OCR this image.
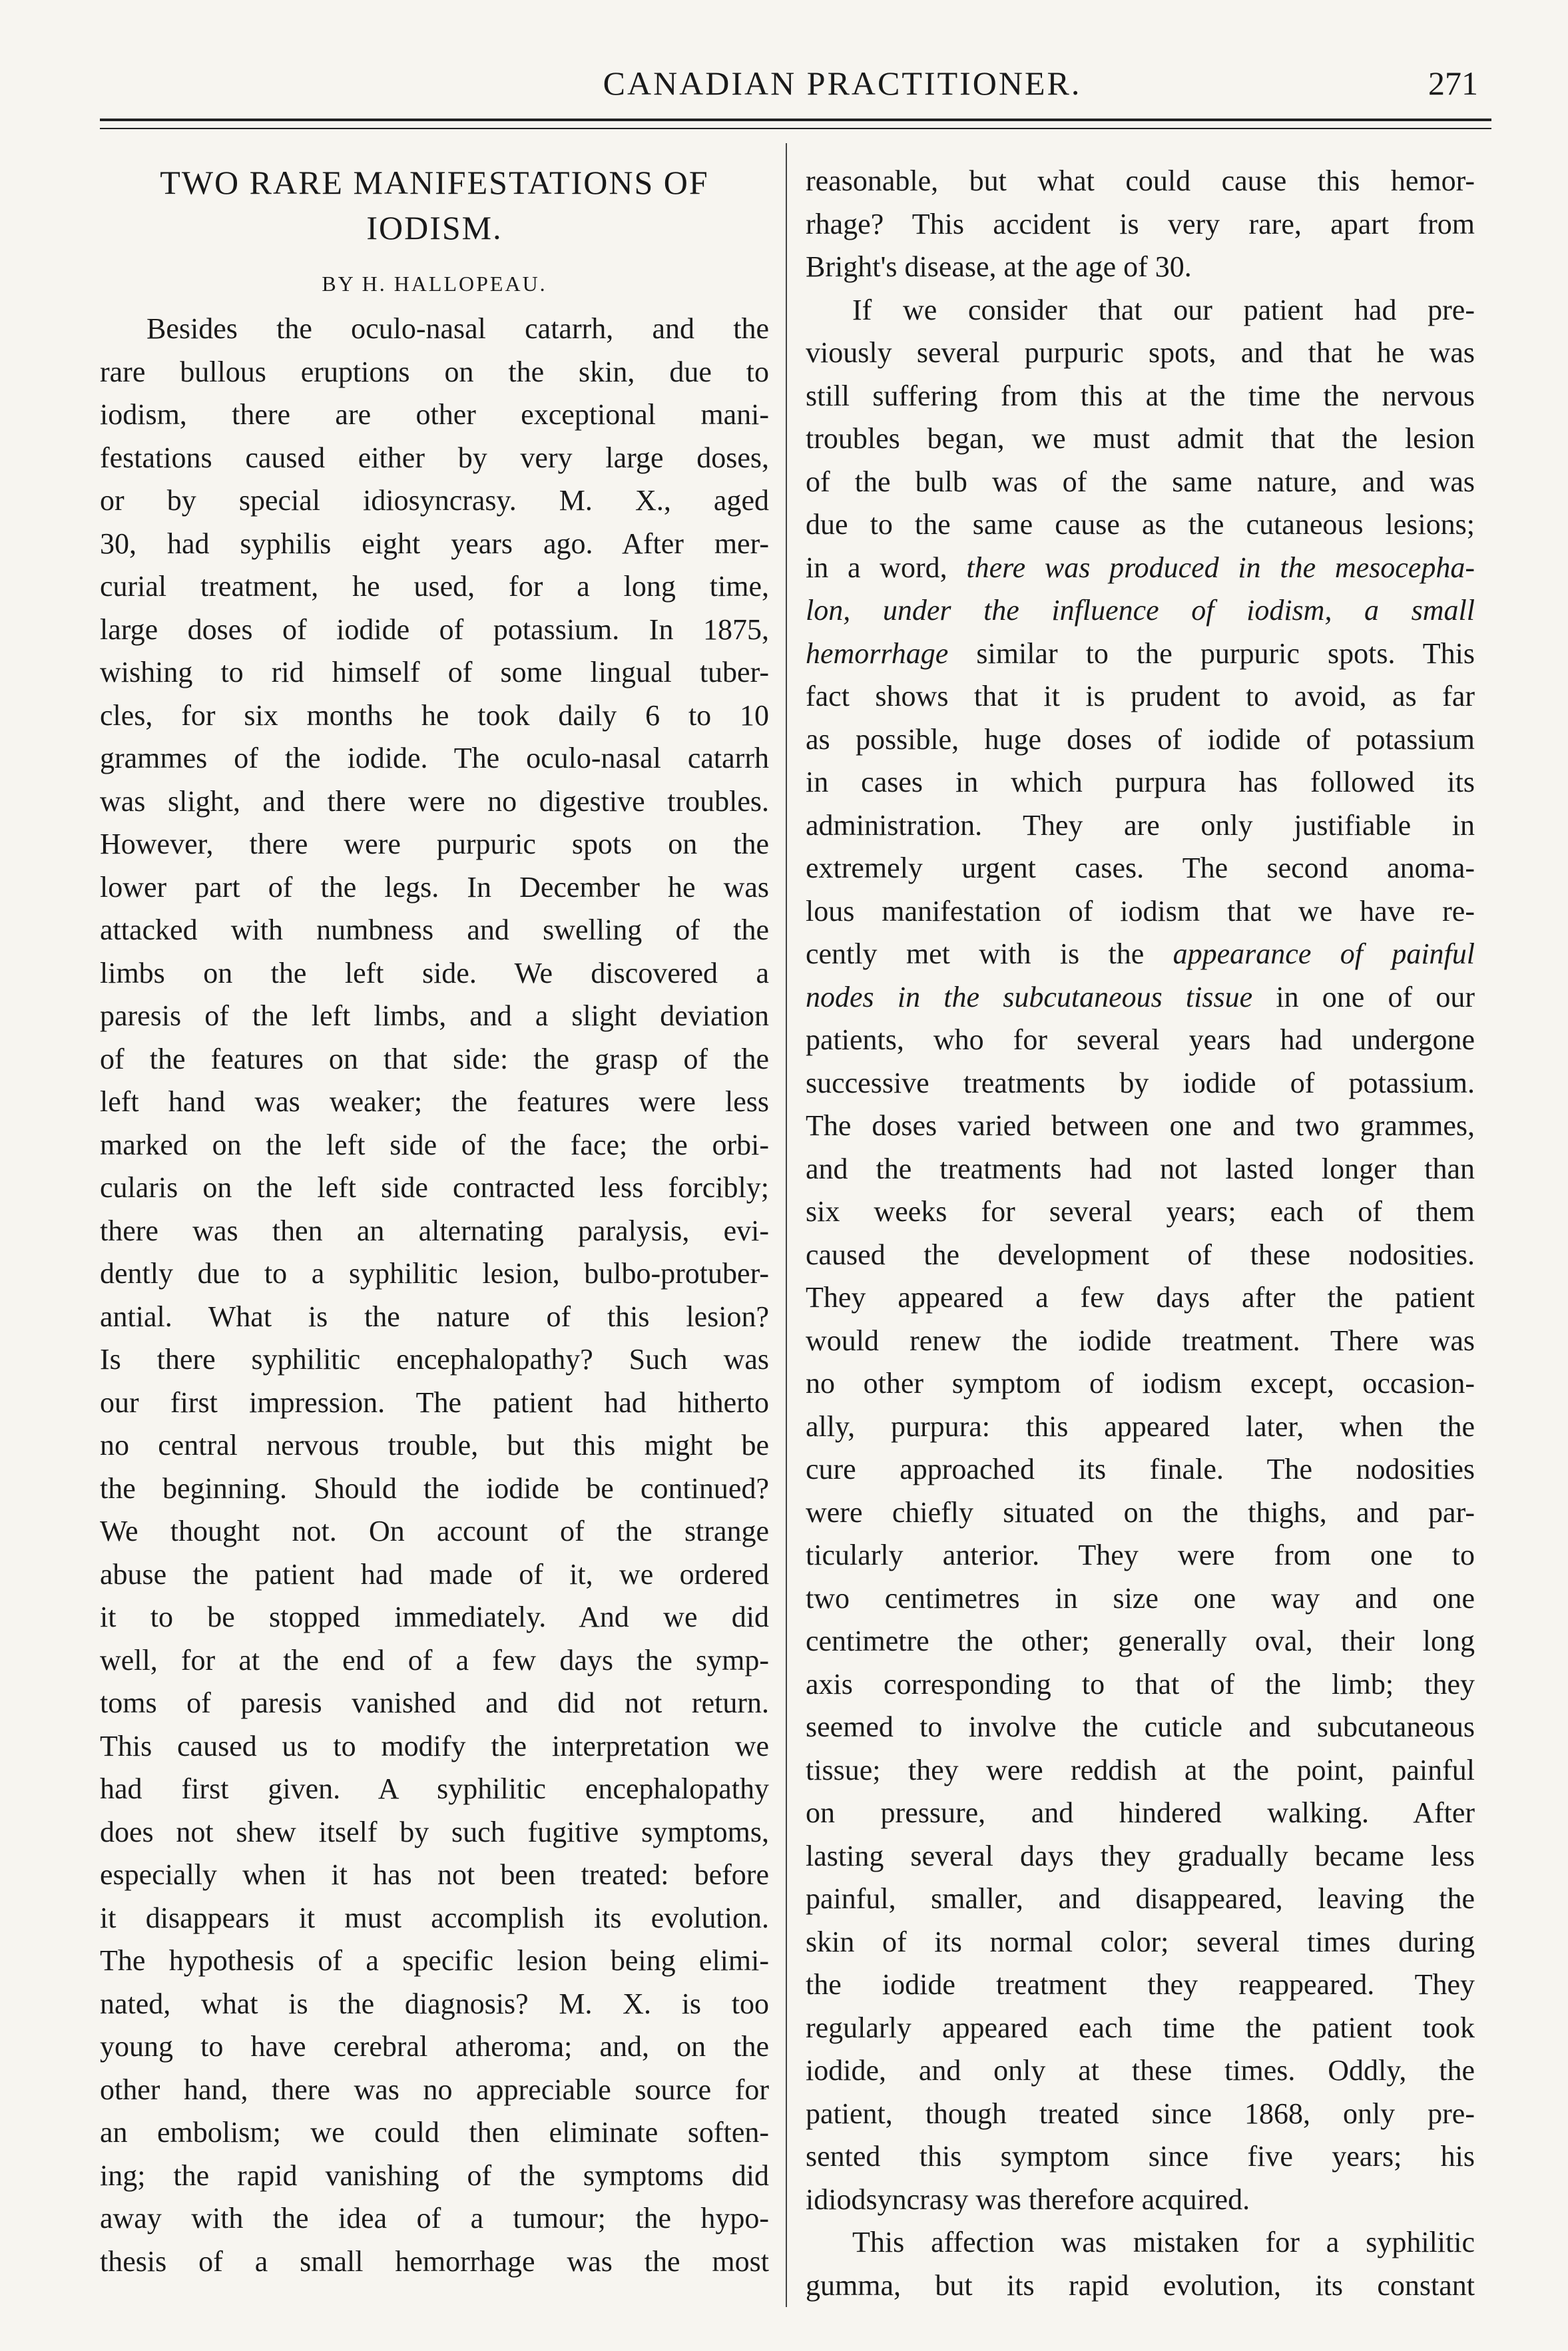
CANADIAN PRACTITIONER.	271
TWO RARE MANIFESTATIONS OF
IODISM.
BY H. HALLOPEAU.
Besides the oculo-nasal catarrh, and the
rare bullous eruptions on the skin, due to
iodism, there are other exceptional mani-
festations caused either by very large doses,
or by special idiosyncrasy. M. X., aged
30, had syphilis eight years ago. After mer-
curial treatment, he used, for a long time,
large doses of iodide of potassium. In 1875,
wishing to rid himself of some lingual tuber-
cles, for six months he took daily 6 to 10
grammes of the iodide. The oculo-nasal catarrh
was slight, and there were no digestive troubles.
However, there were purpuric spots on the
lower part of the legs. In December he was
attacked with numbness and swelling of the
limbs on the left side. We discovered a
paresis of the left limbs, and a slight deviation
of the features on that side: the grasp of the
left hand was weaker; the features were less
marked on the left side of the face; the orbi-
cularis on the left side contracted less forcibly;
there was then an alternating paralysis, evi-
dently due to a syphilitic lesion, bulbo-protuber-
antial. What is the nature of this lesion?
Is there syphilitic encephalopathy? Such was
our first impression. The patient had hitherto
no central nervous trouble, but this might be
the beginning. Should the iodide be continued?
We thought not. On account of the strange
abuse the patient had made of it, we ordered
it to be stopped immediately. And we did
well, for at the end of a few days the symp-
toms of paresis vanished and did not return.
This caused us to modify the interpretation we
had first given. A syphilitic encephalopathy
does not shew itself by such fugitive symptoms,
especially when it has not been treated: before
it disappears it must accomplish its evolution.
The hypothesis of a specific lesion being elimi-
nated, what is the diagnosis? M. X. is too
young to have cerebral atheroma; and, on the
other hand, there was no appreciable source for
an embolism; we could then eliminate soften-
ing; the rapid vanishing of the symptoms did
away with the idea of a tumour; the hypo-
thesis of a small hemorrhage was the most
reasonable, but what could cause this hemor-
rhage? This accident is very rare, apart from
Bright's disease, at the age of 30.
If we consider that our patient had pre-
viously several purpuric spots, and that he was
still suffering from this at the time the nervous
troubles began, we must admit that the lesion
of the bulb was of the same nature, and was
due to the same cause as the cutaneous lesions;
in a word, there was produced in the mesocepha-
lon, under the influence of iodism, a small
hemorrhage similar to the purpuric spots. This
fact shows that it is prudent to avoid, as far
as possible, huge doses of iodide of potassium
in cases in which purpura has followed its
administration. They are only justifiable in
extremely urgent cases. The second anoma-
lous manifestation of iodism that we have re-
cently met with is the appearance of painful
nodes in the subcutaneous tissue in one of our
patients, who for several years had undergone
successive treatments by iodide of potassium.
The doses varied between one and two grammes,
and the treatments had not lasted longer than
six weeks for several years; each of them
caused the development of these nodosities.
They appeared a few days after the patient
would renew the iodide treatment. There was
no other symptom of iodism except, occasion-
ally, purpura: this appeared later, when the
cure approached its finale. The nodosities
were chiefly situated on the thighs, and par-
ticularly anterior. They were from one to
two centimetres in size one way and one
centimetre the other; generally oval, their long
axis corresponding to that of the limb; they
seemed to involve the cuticle and subcutaneous
tissue; they were reddish at the point, painful
on pressure, and hindered walking. After
lasting several days they gradually became less
painful, smaller, and disappeared, leaving the
skin of its normal color; several times during
the iodide treatment they reappeared. They
regularly appeared each time the patient took
iodide, and only at these times. Oddly, the
patient, though treated since 1868, only pre-
sented this symptom since five years; his
idiodsyncrasy was therefore acquired.
This affection was mistaken for a syphilitic
gumma, but its rapid evolution, its constant
